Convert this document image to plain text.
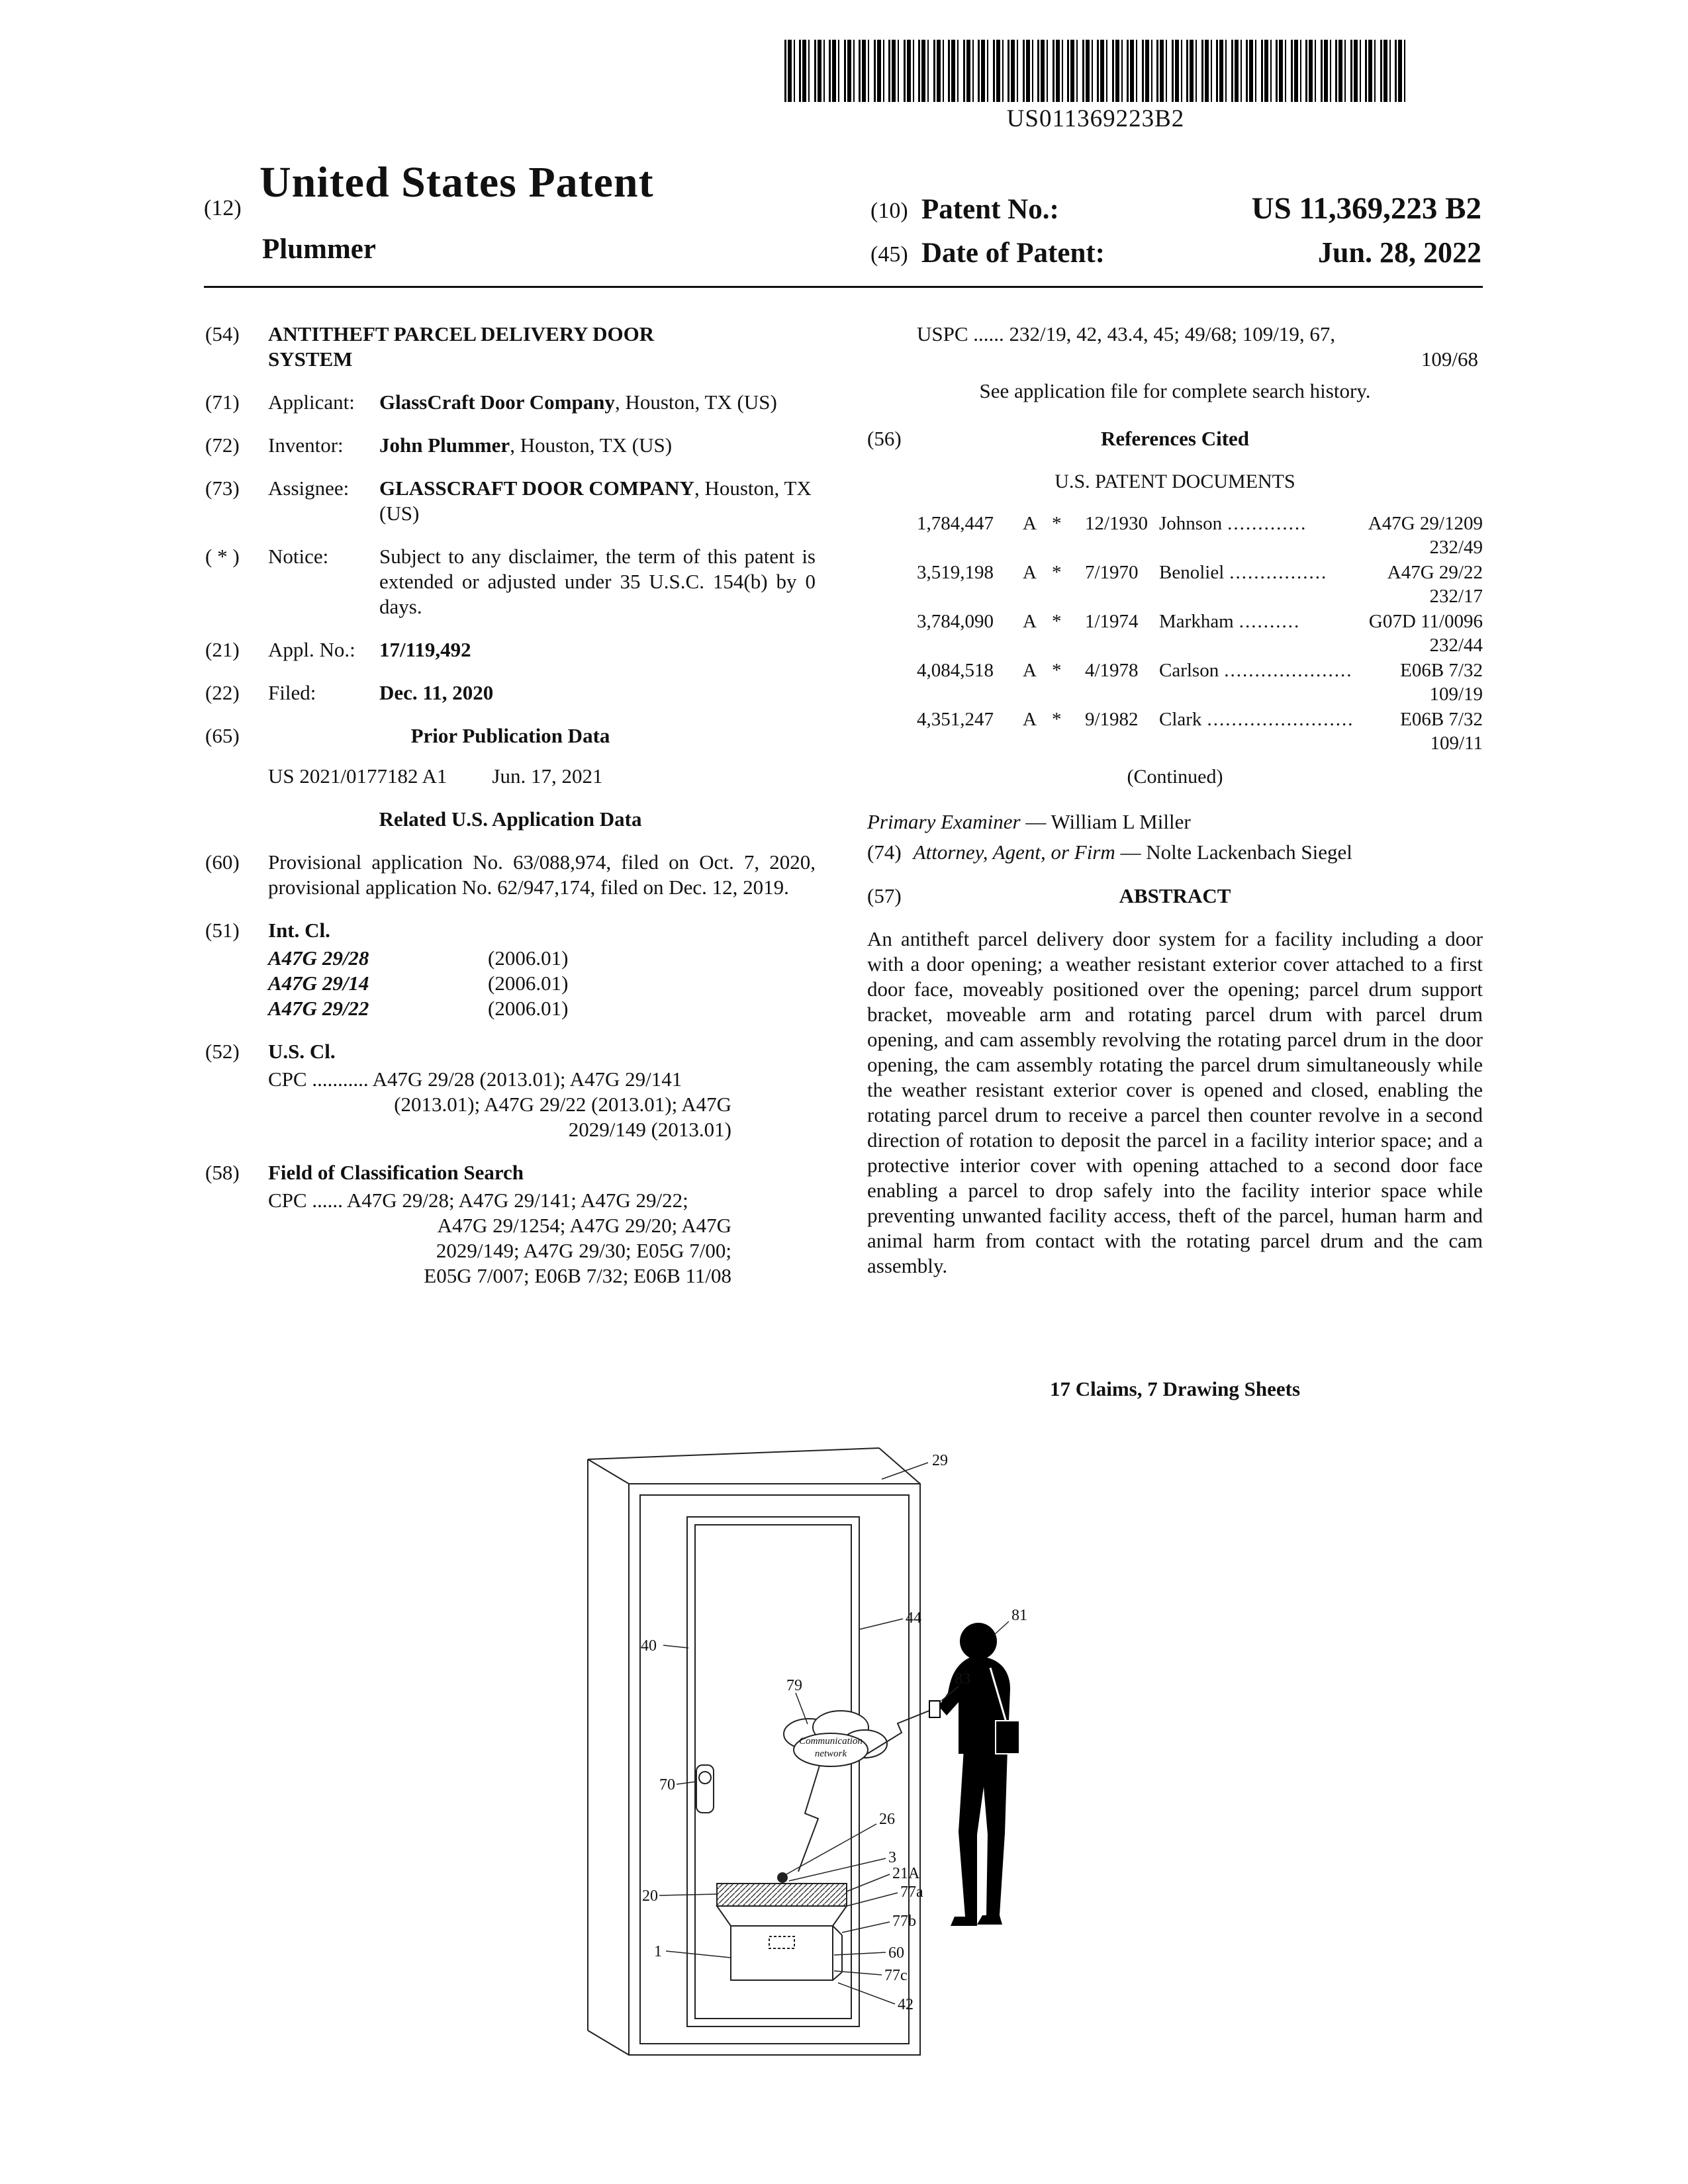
US011369223B2
(12)
United States Patent
Plummer
(10) Patent No.:	US 11,369,223 B2
(45) Date of Patent:	Jun. 28, 2022
(54)	ANTITHEFT PARCEL DELIVERY DOOR SYSTEM
(71)	Applicant:	GlassCraft Door Company, Houston, TX (US)
(72)	Inventor:	John Plummer, Houston, TX (US)
(73)	Assignee:	GLASSCRAFT DOOR COMPANY, Houston, TX (US)
( * )	Notice:	Subject to any disclaimer, the term of this patent is extended or adjusted under 35 U.S.C. 154(b) by 0 days.
(21)	Appl. No.:	17/119,492
(22)	Filed:	Dec. 11, 2020
(65)	Prior Publication Data
US 2021/0177182 A1 Jun. 17, 2021
Related U.S. Application Data
(60)	Provisional application No. 63/088,974, filed on Oct. 7, 2020, provisional application No. 62/947,174, filed on Dec. 12, 2019.
(51)	Int. Cl.
A47G 29/28	(2006.01)
A47G 29/14	(2006.01)
A47G 29/22	(2006.01)
(52)	U.S. Cl.
CPC ........... A47G 29/28 (2013.01); A47G 29/141
(2013.01); A47G 29/22 (2013.01); A47G
2029/149 (2013.01)
(58)	Field of Classification Search
CPC ...... A47G 29/28; A47G 29/141; A47G 29/22;
A47G 29/1254; A47G 29/20; A47G
2029/149; A47G 29/30; E05G 7/00;
E05G 7/007; E06B 7/32; E06B 11/08
USPC ...... 232/19, 42, 43.4, 45; 49/68; 109/19, 67,
109/68
See application file for complete search history.
(56)	References Cited
U.S. PATENT DOCUMENTS
1,784,447	A *	12/1930 Johnson .............	A47G 29/1209
232/49
3,519,198	A *	7/1970	Benoliel ................	A47G 29/22
232/17
3,784,090	A *	1/1974	Markham ..........	G07D 11/0096
232/44
4,084,518	A *	4/1978	Carlson .....................	E06B 7/32
109/19
4,351,247	A *	9/1982	Clark ........................	E06B 7/32
109/11
(Continued)
Primary Examiner — William L Miller
(74) Attorney, Agent, or Firm — Nolte Lackenbach Siegel
(57)	ABSTRACT
An antitheft parcel delivery door system for a facility including a door with a door opening; a weather resistant exterior cover attached to a first door face, moveably positioned over the opening; parcel drum support bracket, moveable arm and rotating parcel drum with parcel drum opening, and cam assembly revolving the rotating parcel drum in the door opening, the cam assembly rotating the parcel drum simultaneously while the weather resistant exterior cover is opened and closed, enabling the rotating parcel drum to receive a parcel then counter revolve in a second direction of rotation to deposit the parcel in a facility interior space; and a protective interior cover with opening attached to a second door face enabling a parcel to drop safely into the facility interior space while preventing unwanted facility access, theft of the parcel, human harm and animal harm from contact with the rotating parcel drum and the cam assembly.
17 Claims, 7 Drawing Sheets
Communication
network
29
44	81
40
79	83
70
26
3
21A
77a
77b
60
77c
42
20
1
